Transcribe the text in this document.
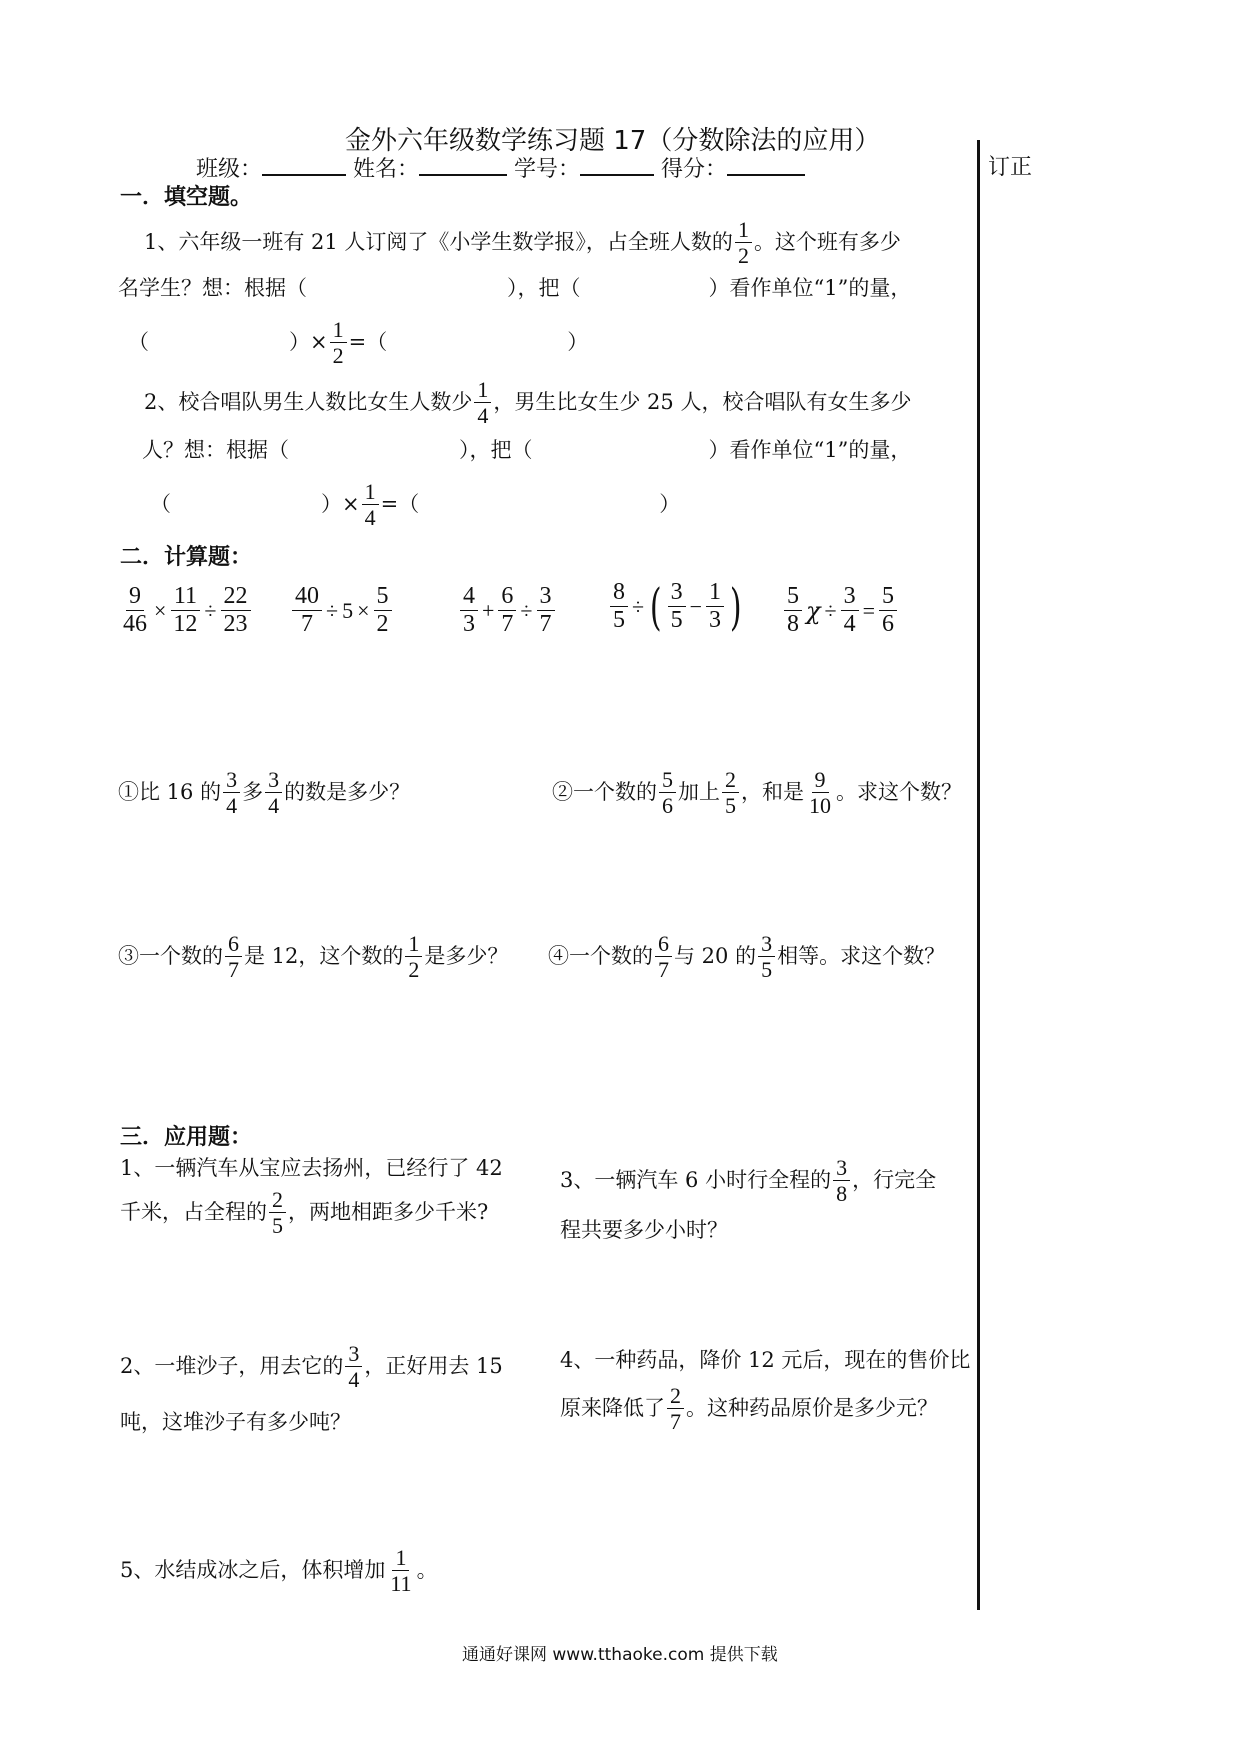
金外六年级数学练习题 17（分数除法的应用）
订正
班级：	姓名：	学号：	得分：
一．填空题。
1、六年级一班有 21 人订阅了《小学生数学报》，占全班人数的 $\frac{1}{2}$ 。这个班有多少
名学生？想：根据（	），把（	）看作单位“1”的量，
（	）× $\frac{1}{2}$ =（	）
2、校合唱队男生人数比女生人数少 $\frac{1}{4}$ ，男生比女生少 25 人，校合唱队有女生多少
人？想：根据（	），把（	）看作单位“1”的量，
（	）× $\frac{1}{4}$ =（	）
二．计算题：
$\frac{9}{46} \times \frac{11}{12} \div \frac{22}{23} \frac{40}{7} \div 5 \times \frac{5}{2}$	$\frac{4}{3} + \frac{6}{7} \div \frac{3}{7} \frac{8}{5}$ ÷ ( $\frac{3}{5} - \frac{1}{3}$ ) $\frac{5}{8}$ $\chi \div \frac{3}{4} = \frac{5}{6}$
①比 16 的 $\frac{3}{4}$ 多 $\frac{3}{4}$ 的数是多少？	②一个数的 $\frac{5}{6}$ 加上 $\frac{2}{5}$ ，和是 $\frac{9}{10}$ 。求这个数？
③一个数的 $\frac{6}{7}$ 是 12，这个数的 $\frac{1}{2}$ 是多少？ ④一个数的 $\frac{6}{7}$ 与 20 的 $\frac{3}{5}$ 相等。求这个数？
三．应用题：
1、一辆汽车从宝应去扬州，已经行了 42
千米，占全程的 $\frac{2}{5}$ ，两地相距多少千米?
3、一辆汽车 6 小时行全程的 $\frac{3}{8}$ ，行完全
程共要多少小时？
2、一堆沙子，用去它的 $\frac{3}{4}$ ，正好用去 15
吨，这堆沙子有多少吨？
4、一种药品，降价 12 元后，现在的售价比
原来降低了 $\frac{2}{7}$ 。这种药品原价是多少元？
5、水结成冰之后，体积增加 $\frac{1}{11}$ 。
通通好课网 www.tthaoke.com 提供下载
